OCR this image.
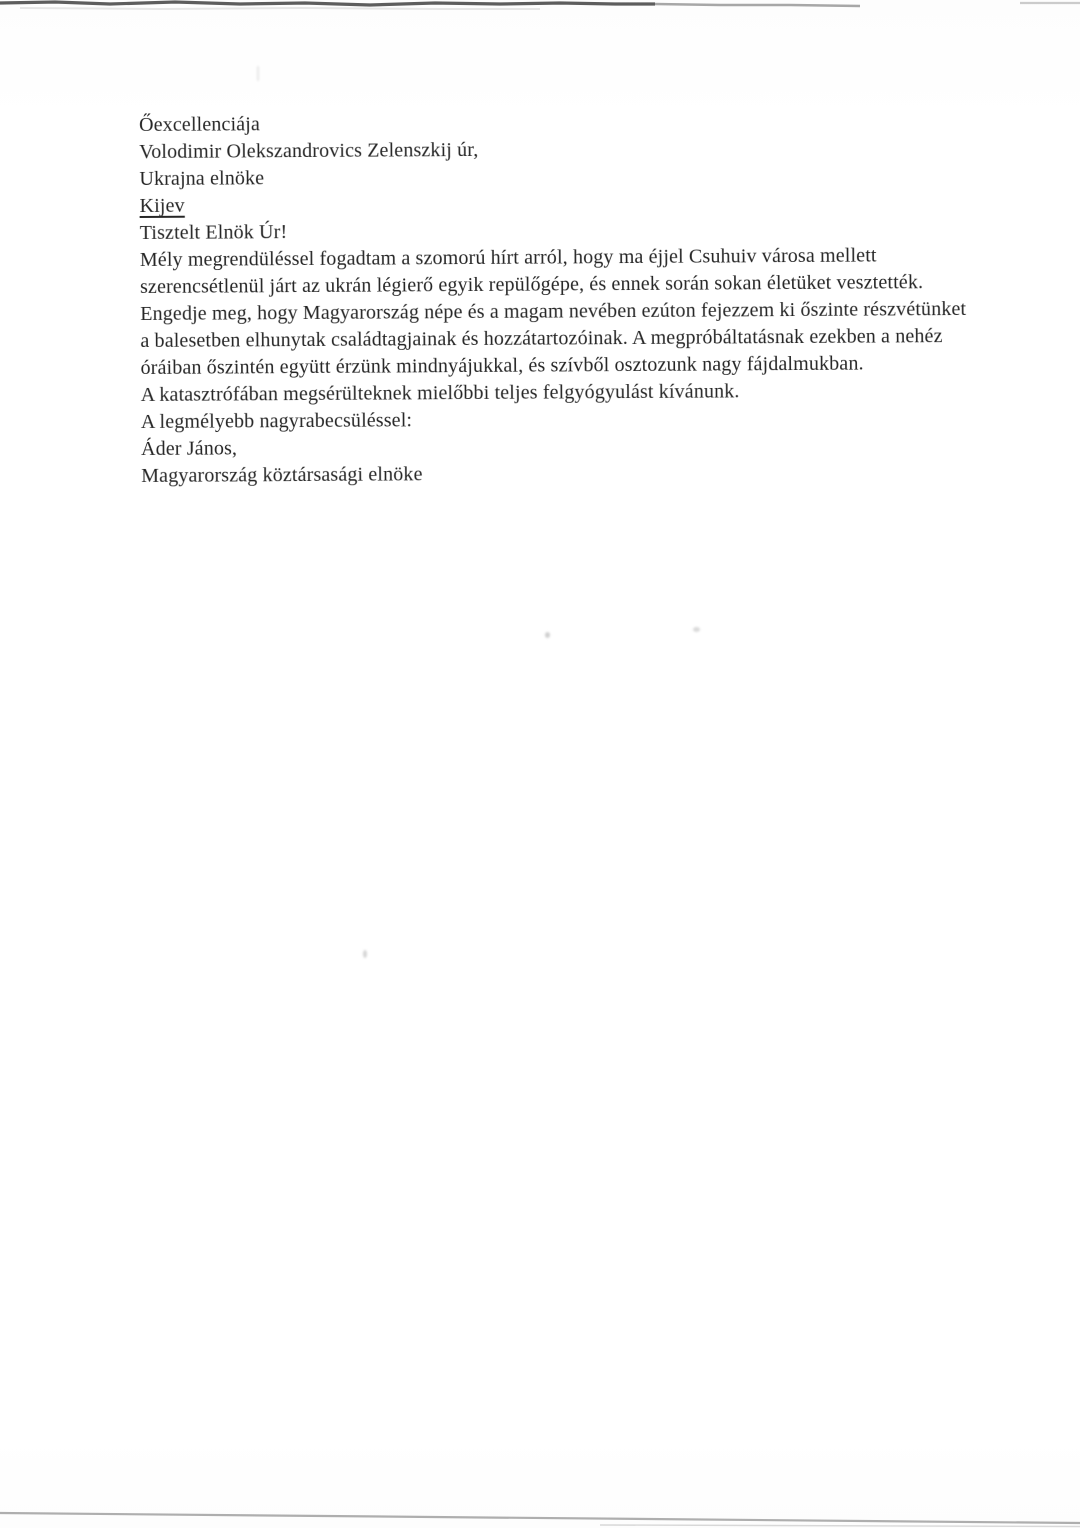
Őexcellenciája
Volodimir Olekszandrovics Zelenszkij úr,
Ukrajna elnöke
Kijev
Tisztelt Elnök Úr!

Mély megrendüléssel fogadtam a szomorú hírt arról, hogy ma éjjel Csuhuiv városa mellett szerencsétlenül járt az ukrán légierő egyik repülőgépe, és ennek során sokan életüket vesztették.

Engedje meg, hogy Magyarország népe és a magam nevében ezúton fejezzem ki őszinte részvétünket a balesetben elhunytak családtagjainak és hozzátartozóinak. A megpróbáltatásnak ezekben a nehéz óráiban őszintén együtt érzünk mindnyájukkal, és szívből osztozunk nagy fájdalmukban.

A katasztrófában megsérülteknek mielőbbi teljes felgyógyulást kívánunk.

A legmélyebb nagyrabecsüléssel:

Áder János,
Magyarország köztársasági elnöke
